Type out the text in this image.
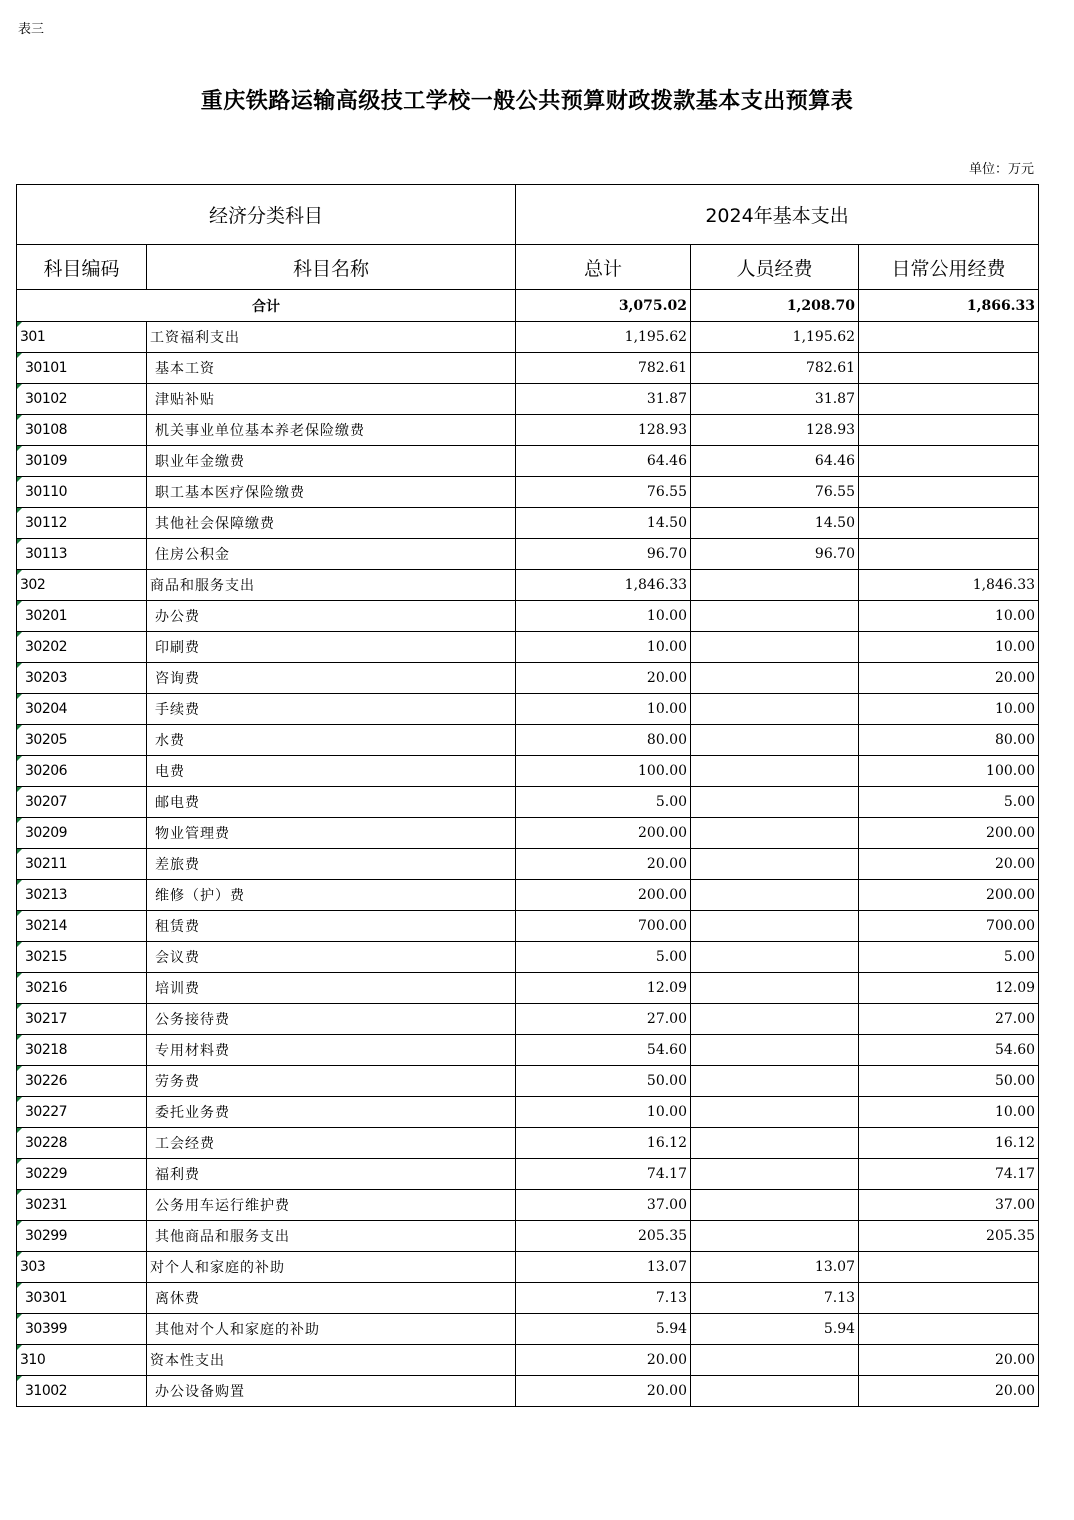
表三
重庆铁路运输高级技工学校一般公共预算财政拨款基本支出预算表
单位：万元
经济分类科目		2024年基本支出		
科目编码	科目名称	总计	人员经费	日常公用经费
合计		3,075.02	1,208.70	1,866.33
301	工资福利支出	1,195.62	1,195.62	
30101	基本工资	782.61	782.61	
30102	津贴补贴	31.87	31.87	
30108	机关事业单位基本养老保险缴费	128.93	128.93	
30109	职业年金缴费	64.46	64.46	
30110	职工基本医疗保险缴费	76.55	76.55	
30112	其他社会保障缴费	14.50	14.50	
30113	住房公积金	96.70	96.70	
302	商品和服务支出	1,846.33		1,846.33
30201	办公费	10.00		10.00
30202	印刷费	10.00		10.00
30203	咨询费	20.00		20.00
30204	手续费	10.00		10.00
30205	水费	80.00		80.00
30206	电费	100.00		100.00
30207	邮电费	5.00		5.00
30209	物业管理费	200.00		200.00
30211	差旅费	20.00		20.00
30213	维修（护）费	200.00		200.00
30214	租赁费	700.00		700.00
30215	会议费	5.00		5.00
30216	培训费	12.09		12.09
30217	公务接待费	27.00		27.00
30218	专用材料费	54.60		54.60
30226	劳务费	50.00		50.00
30227	委托业务费	10.00		10.00
30228	工会经费	16.12		16.12
30229	福利费	74.17		74.17
30231	公务用车运行维护费	37.00		37.00
30299	其他商品和服务支出	205.35		205.35
303	对个人和家庭的补助	13.07	13.07	
30301	离休费	7.13	7.13	
30399	其他对个人和家庭的补助	5.94	5.94	
310	资本性支出	20.00		20.00
31002	办公设备购置	20.00		20.00
